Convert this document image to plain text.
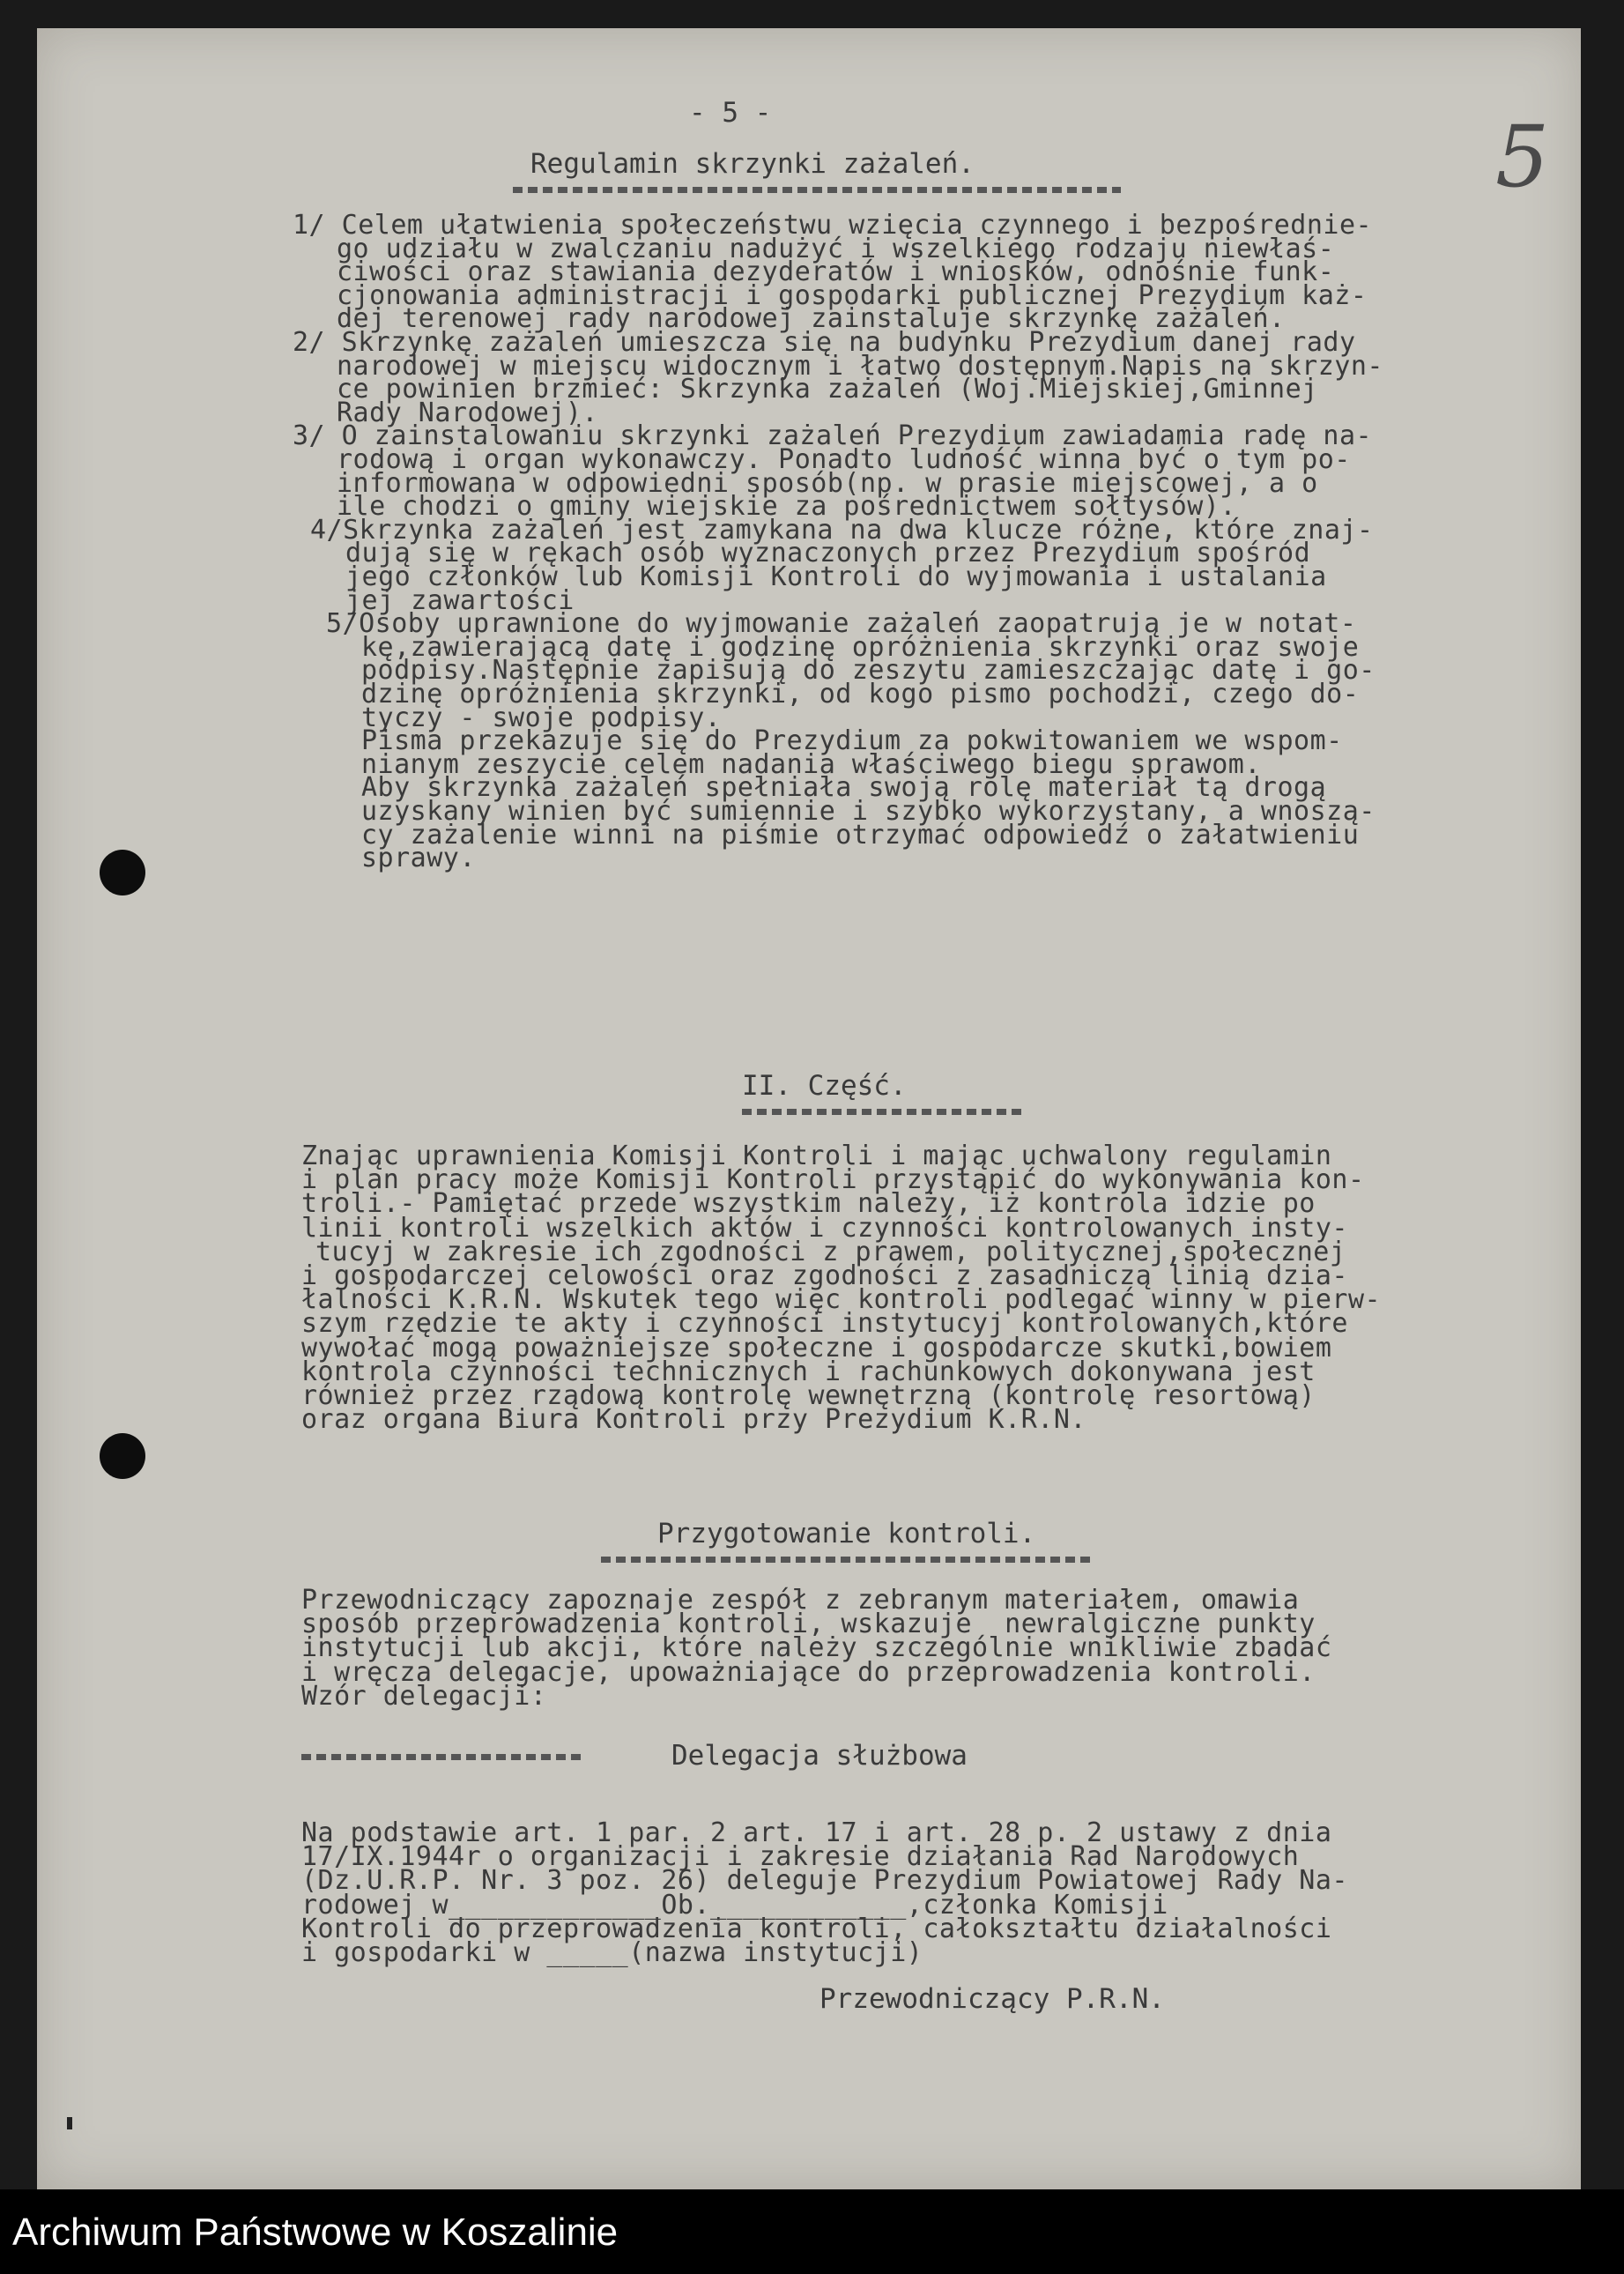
5
- 5 -
Regulamin skrzynki zażaleń.
1/ Celem ułatwienia społeczeństwu wzięcia czynnego i bezpośrednie-
go udziału w zwalczaniu nadużyć i wszelkiego rodzaju niewłaś-
ciwości oraz stawiania dezyderatów i wniosków, odnośnie funk-
cjonowania administracji i gospodarki publicznej Prezydium każ-
dej terenowej rady narodowej zainstaluje skrzynkę zażaleń.
2/ Skrzynkę zażaleń umieszcza się na budynku Prezydium danej rady
narodowej w miejscu widocznym i łatwo dostępnym.Napis na skrzyn-
ce powinien brzmieć: Skrzynka zażaleń (Woj.Miejskiej,Gminnej
Rady Narodowej).
3/ O zainstalowaniu skrzynki zażaleń Prezydium zawiadamia radę na-
rodową i organ wykonawczy. Ponadto ludność winna być o tym po-
informowana w odpowiedni sposób(np. w prasie miejscowej, a o
ile chodzi o gminy wiejskie za pośrednictwem sołtysów).
4/Skrzynka zażaleń jest zamykana na dwa klucze różne, które znaj-
dują się w rękach osób wyznaczonych przez Prezydium spośród
jego członków lub Komisji Kontroli do wyjmowania i ustalania
jej zawartości
5/Osoby uprawnione do wyjmowanie zażaleń zaopatrują je w notat-
kę,zawierającą datę i godzinę opróżnienia skrzynki oraz swoje
podpisy.Następnie zapisują do zeszytu zamieszczając datę i go-
dzinę opróżnienia skrzynki, od kogo pismo pochodzi, czego do-
tyczy - swoje podpisy.
Pisma przekazuje się do Prezydium za pokwitowaniem we wspom-
nianym zeszycie celem nadania właściwego biegu sprawom.
Aby skrzynka zażaleń spełniała swoją rolę materiał tą drogą
uzyskany winien być sumiennie i szybko wykorzystany, a wnoszą-
cy zażalenie winni na piśmie otrzymać odpowiedź o załatwieniu
sprawy.
II. Część.
Znając uprawnienia Komisji Kontroli i mając uchwalony regulamin
i plan pracy może Komisji Kontroli przystąpić do wykonywania kon-
troli.- Pamiętać przede wszystkim należy, iż kontrola idzie po
linii kontroli wszelkich aktów i czynności kontrolowanych insty-
tucyj w zakresie ich zgodności z prawem, politycznej,społecznej
i gospodarczej celowości oraz zgodności z zasadniczą linią dzia-
łalności K.R.N. Wskutek tego więc kontroli podlegać winny w pierw-
szym rzędzie te akty i czynności instytucyj kontrolowanych,które
wywołać mogą poważniejsze społeczne i gospodarcze skutki,bowiem
kontrola czynności technicznych i rachunkowych dokonywana jest
również przez rządową kontrolę wewnętrzną (kontrolę resortową)
oraz organa Biura Kontroli przy Prezydium K.R.N.
Przygotowanie kontroli.
Przewodniczący zapoznaje zespół z zebranym materiałem, omawia
sposób przeprowadzenia kontroli, wskazuje  newralgiczne punkty
instytucji lub akcji, które należy szczególnie wnikliwie zbadać
i wręcza delegacje, upoważniające do przeprowadzenia kontroli.
Wzór delegacji:
Delegacja służbowa
Na podstawie art. 1 par. 2 art. 17 i art. 28 p. 2 ustawy z dnia
17/IX.1944r o organizacji i zakresie działania Rad Narodowych
(Dz.U.R.P. Nr. 3 poz. 26) deleguje Prezydium Powiatowej Rady Na-
rodowej w_____________Ob.____________,członka Komisji
Kontroli do przeprowadzenia kontroli, całokształtu działalności
i gospodarki w _____(nazwa instytucji)
Przewodniczący P.R.N.
Archiwum Państwowe w Koszalinie
